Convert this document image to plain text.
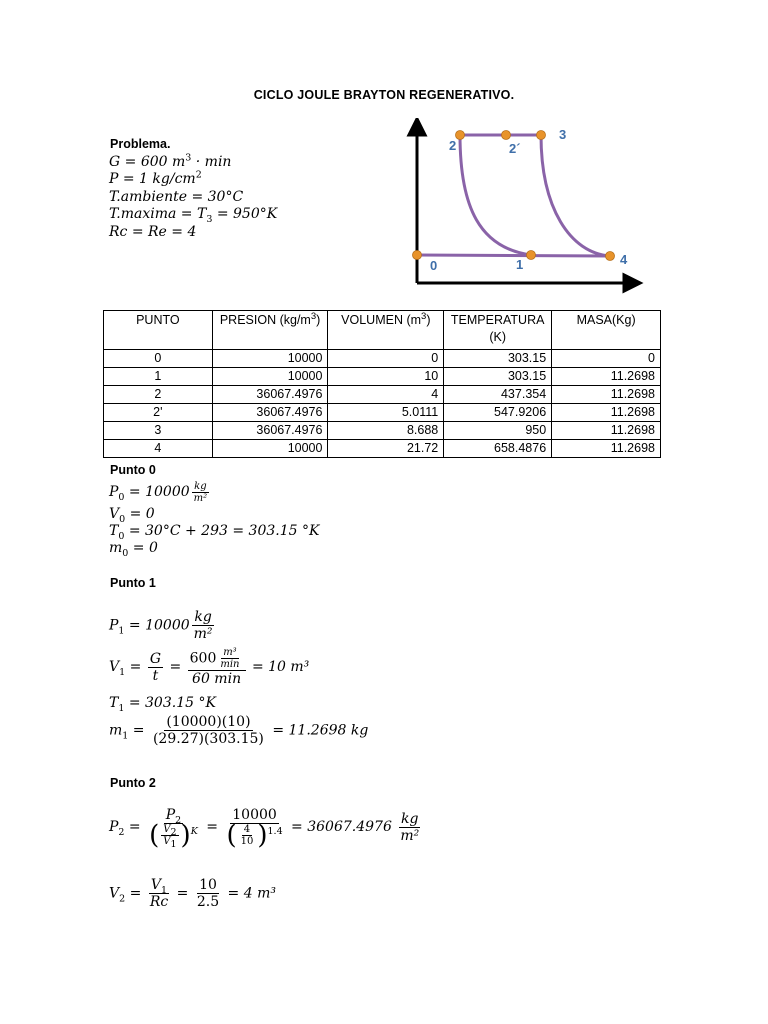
CICLO JOULE BRAYTON REGENERATIVO.
Problema.
G = 600 $m^3 \cdot \min$
P = 1 $kg/cm^2$
T.ambiente = 30°C
T.maxima = $T_3 = 950^\circ K$
Rc = Re = 4
0	1
2	2´
3
4
PUNTO	PRESION $(kg/m^3)$	VOLUMEN $(m^3)$	TEMPERATURA (K)	MASA(Kg)
0	10000	0	303.15	0
1	10000	10	303.15	11.2698
2	36067.4976	4	437.354	11.2698
2'	36067.4976	5.0111	547.9206	11.2698
3	36067.4976	8.688	950	11.2698
4	10000	21.72	658.4876	11.2698
Punto 0
$P_0 = 10000 \frac{kg}{\text{m²}}$
$V_0 = 0$
$T_0 = 30^\circ C + 293 = 303.15$ °K
$m_0 = 0$
Punto 1
$P_1 = 10000 \frac{kg}{\text{m²}}$
$V_1 = \frac{G}{t} = \frac{600 \frac{\text{m³}}{\min}}{60 \min} = 10$ m³
$T_1 = 303.15$ °K
$m_1 = \frac{(10000)(10)}{(29.27)(303.15)} = 11.2698$ kg
Punto 2
$P_2 = \frac{P_2}{( \frac{V_2}{V_1} )^K} = \frac{10000}{( \frac{4}{10} )^{1.4}} = 36067.4976 \frac{kg}{\text{m²}}$
$V_2 = \frac{V_1}{Rc} = \frac{10}{2.5} = 4$ m³
